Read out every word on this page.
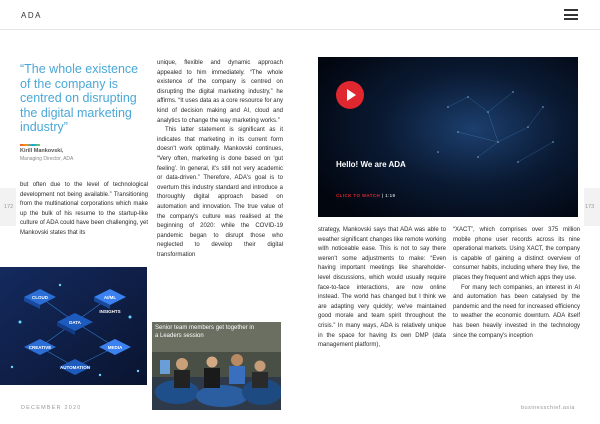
ADA
172	173
“The whole existence of the company is centred on disrupting the digital marketing industry”
Kirill Mankovski,
Managing Director, ADA

but often due to the level of technological development not being available.” Transitioning from the multinational corporations which make up the bulk of his resume to the startup-like culture of ADA could have been challenging, yet Mankovski states that its

unique, flexible and dynamic approach appealed to him immediately. “The whole existence of the company is centred on disrupting the digital marketing industry,” he affirms. “It uses data as a core resource for any kind of decision making and AI, cloud and analytics to change the way marketing works.”

This latter statement is significant as it indicates that marketing in its current form doesn't work optimally. Mankovski continues, “Very often, marketing is done based on ‘gut feeling’. In general, it's still not very academic or data-driven.” Therefore, ADA's goal is to overturn this industry standard and introduce a thoroughly digital approach based on automation and innovation. The true value of the company's culture was realised at the beginning of 2020: while the COVID-19 pandemic began to disrupt those who neglected to develop their digital transformation

strategy, Mankovski says that ADA was able to weather significant changes like remote working with noticeable ease. This is not to say there weren't some adjustments to make: “Even having important meetings like shareholder-level discussions, which would usually require face-to-face interactions, are now online instead. The world has changed but I think we are adapting very quickly; we've maintained good morale and team spirit throughout the crisis.” In many ways, ADA is relatively unique in the space for having its own DMP (data management platform),

“XACT”, which comprises over 375 million mobile phone user records across its nine operational markets. Using XACT, the company is capable of gaining a distinct overview of consumer habits, including where they live, the places they frequent and which apps they use.

For many tech companies, an interest in AI and automation has been catalysed by the pandemic and the need for increased efficiency to weather the economic downturn. ADA itself has been heavily invested in the technology since the company's inception

CLOUD	AI/ML
DATA
INSIGHTS
CREATIVE
AUTOMATION
MEDIA
Senior team members get together in a Leaders session
Hello! We are ADA
CLICK TO WATCH | 1:19
DECEMBER 2020	businesschief.asia
